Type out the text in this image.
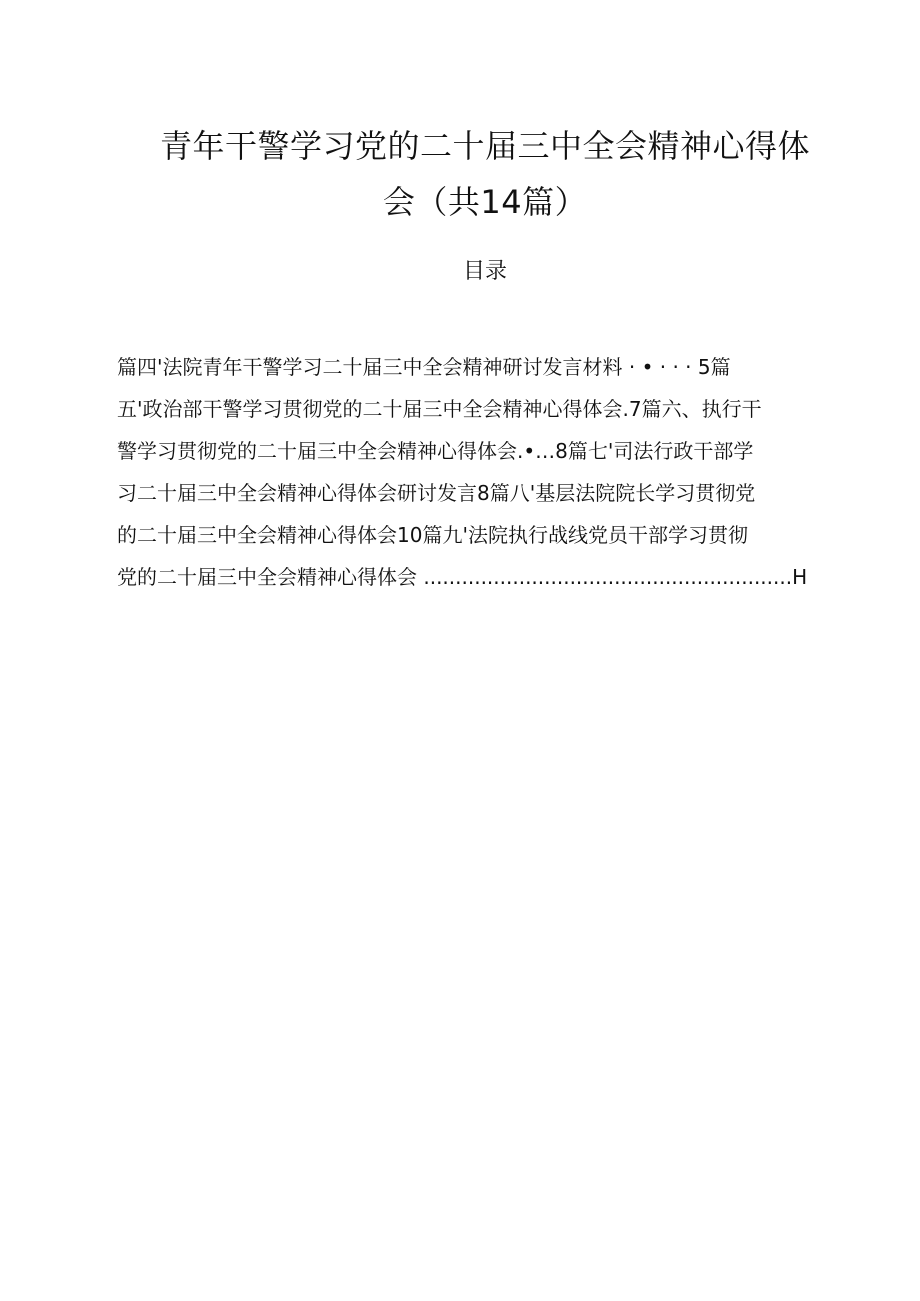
青年干警学习党的二十届三中全会精神心得体
会（共14篇）
目录
篇四'法院青年干警学习二十届三中全会精神研讨发言材料 · • · · · 5篇
五'政治部干警学习贯彻党的二十届三中全会精神心得体会.7篇六、执行干
警学习贯彻党的二十届三中全会精神心得体会.•…8篇七'司法行政干部学
习二十届三中全会精神心得体会研讨发言8篇八'基层法院院长学习贯彻党
的二十届三中全会精神心得体会10篇九'法院执行战线党员干部学习贯彻
党的二十届三中全会精神心得体会 ..........................................................H
